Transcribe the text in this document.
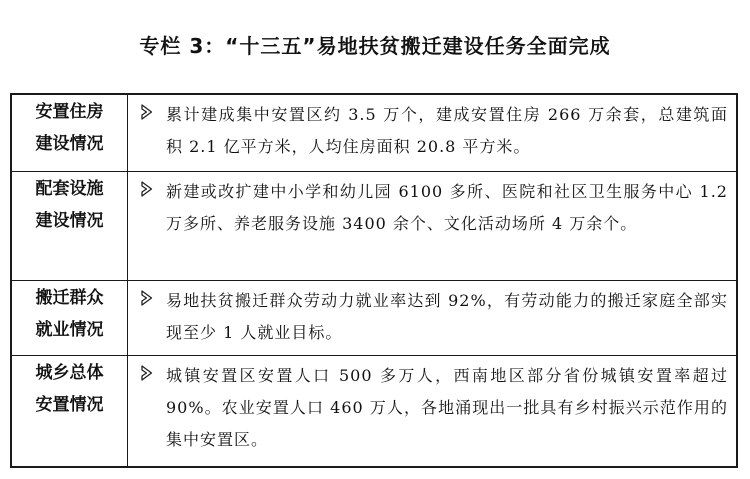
专栏 3：“十三五”易地扶贫搬迁建设任务全面完成
安置住房
建设情况	累计建成集中安置区约 3.5 万个，建成安置住房 266 万余套，总建筑面积 2.1 亿平方米，人均住房面积 20.8 平方米。

配套设施
建设情况	新建或改扩建中小学和幼儿园 6100 多所、医院和社区卫生服务中心 1.2 万多所、养老服务设施 3400 余个、文化活动场所 4 万余个。

搬迁群众
就业情况	易地扶贫搬迁群众劳动力就业率达到 92%，有劳动能力的搬迁家庭全部实现至少 1 人就业目标。

城乡总体
安置情况	城镇安置区安置人口 500 多万人，西南地区部分省份城镇安置率超过 90%。农业安置人口 460 万人，各地涌现出一批具有乡村振兴示范作用的集中安置区。
